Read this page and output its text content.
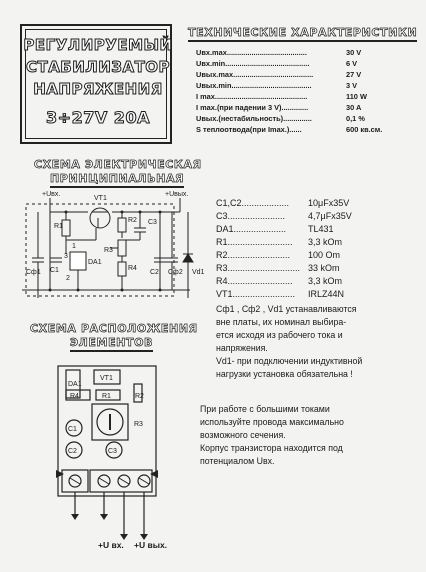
РЕГУЛИРУЕМЫЙ
СТАБИЛИЗАТОР
НАПРЯЖЕНИЯ
3÷27V 20A
ТЕХНИЧЕСКИЕ ХАРАКТЕРИСТИКИ
Uвх.max.......................................	30 V
Uвх.min.........................................	6 V
Uвых.max.......................................	27 V
Uвых.min.......................................	3 V
I max.............................................	110 W
I max.(при падении 3 V).............	30 A
Uвых.(нестабильность)..............	0,1 %
S теплоотвода(при Imax.)......	600 кв.см.
СХЕМА ЭЛЕКТРИЧЕСКАЯ
ПРИНЦИПИАЛЬНАЯ
+Uвх.	+Uвых.
VT1
R1
R2
R3
R4
C3
DA1
C1	C2
Cф1	Cф2 Vd1
1
2
3
C1,C2................... 10μFx35V
C3.......................	4,7μFx35V
DA1..................... TL431
R1.......................... 3,3 kOm
R2......................... 100 Om
R3............................. 33 kOm
R4.......................... 3,3 kOm
VT1......................... IRLZ44N
Cф1 , Cф2 , Vd1 устанавливаются
вне платы, их номинал выбира-
ется исходя из рабочего тока и
напряжения.
Vd1- при подключении индуктивной
нагрузки установка обязательна !
При работе с большими токами
используйте провода максимально
возможного сечения.
Корпус транзистора находится под
потенциалом Uвх.
СХЕМА РАСПОЛОЖЕНИЯ
ЭЛЕМЕНТОВ
DA1
VT1
R4	R1	R2
R3
C1
C2	C3
+U вх. +U вых.
